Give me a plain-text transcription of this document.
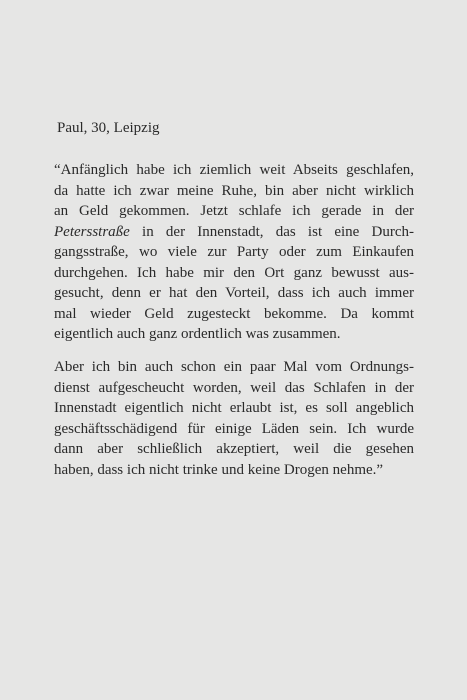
Paul, 30, Leipzig
“Anfänglich habe ich ziemlich weit Abseits geschlafen,
da hatte ich zwar meine Ruhe, bin aber nicht wirklich
an Geld gekommen. Jetzt schlafe ich gerade in der
Petersstraße in der Innenstadt, das ist eine Durch-
gangsstraße, wo viele zur Party oder zum Einkaufen
durchgehen. Ich habe mir den Ort ganz bewusst aus-
gesucht, denn er hat den Vorteil, dass ich auch immer
mal wieder Geld zugesteckt bekomme. Da kommt
eigentlich auch ganz ordentlich was zusammen.
Aber ich bin auch schon ein paar Mal vom Ordnungs-
dienst aufgescheucht worden, weil das Schlafen in der
Innenstadt eigentlich nicht erlaubt ist, es soll angeblich
geschäftsschädigend für einige Läden sein. Ich wurde
dann aber schließlich akzeptiert, weil die gesehen
haben, dass ich nicht trinke und keine Drogen nehme.”
